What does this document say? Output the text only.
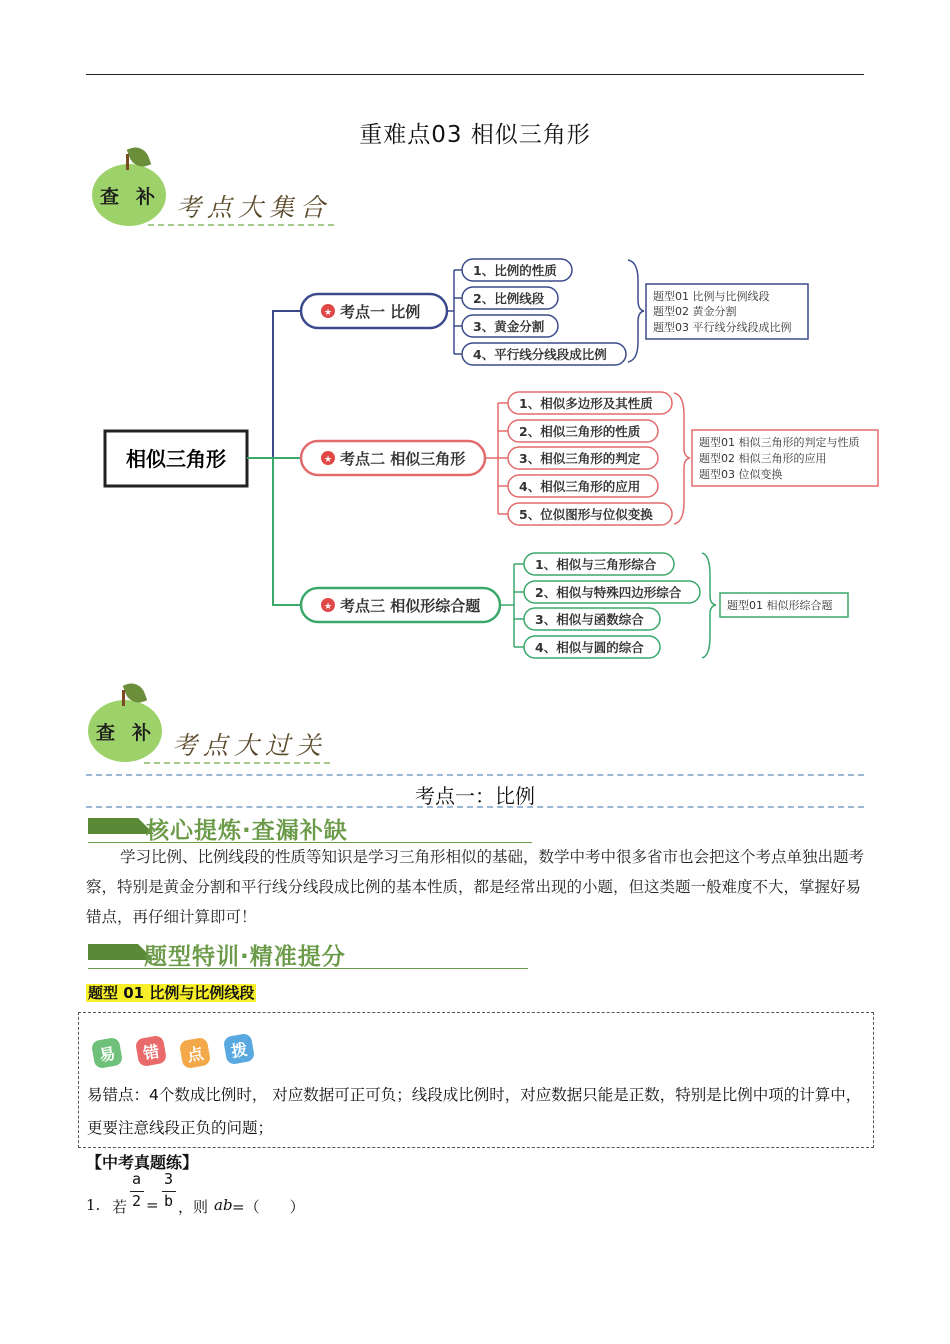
重难点03 相似三角形
查 补 考点大集合
相似三角形
★ 考点一 比例
1、比例的性质
2、比例线段
3、黄金分割
4、平行线分线段成比例
题型01 比例与比例线段
题型02 黄金分割
题型03 平行线分线段成比例
★ 考点二 相似三角形
1、相似多边形及其性质
2、相似三角形的性质
3、相似三角形的判定
4、相似三角形的应用
5、位似图形与位似变换
题型01 相似三角形的判定与性质
题型02 相似三角形的应用
题型03 位似变换
★ 考点三 相似形综合题
1、相似与三角形综合
2、相似与特殊四边形综合
3、相似与函数综合
4、相似与圆的综合
题型01 相似形综合题
查 补 考点大过关
考点一：比例
核心提炼·查漏补缺
学习比例、比例线段的性质等知识是学习三角形相似的基础，数学中考中很多省市也会把这个考点单独出题考察，特别是黄金分割和平行线分线段成比例的基本性质，都是经常出现的小题，但这类题一般难度不大，掌握好易错点，再仔细计算即可！
题型特训·精准提分
题型 01 比例与比例线段
易	错	点	拨
易错点：4个数成比例时， 对应数据可正可负；线段成比例时，对应数据只能是正数，特别是比例中项的计算中，更要注意线段正负的问题；
【中考真题练】
1. 若
a
2 =
3
b ，则 ab =（　　）
